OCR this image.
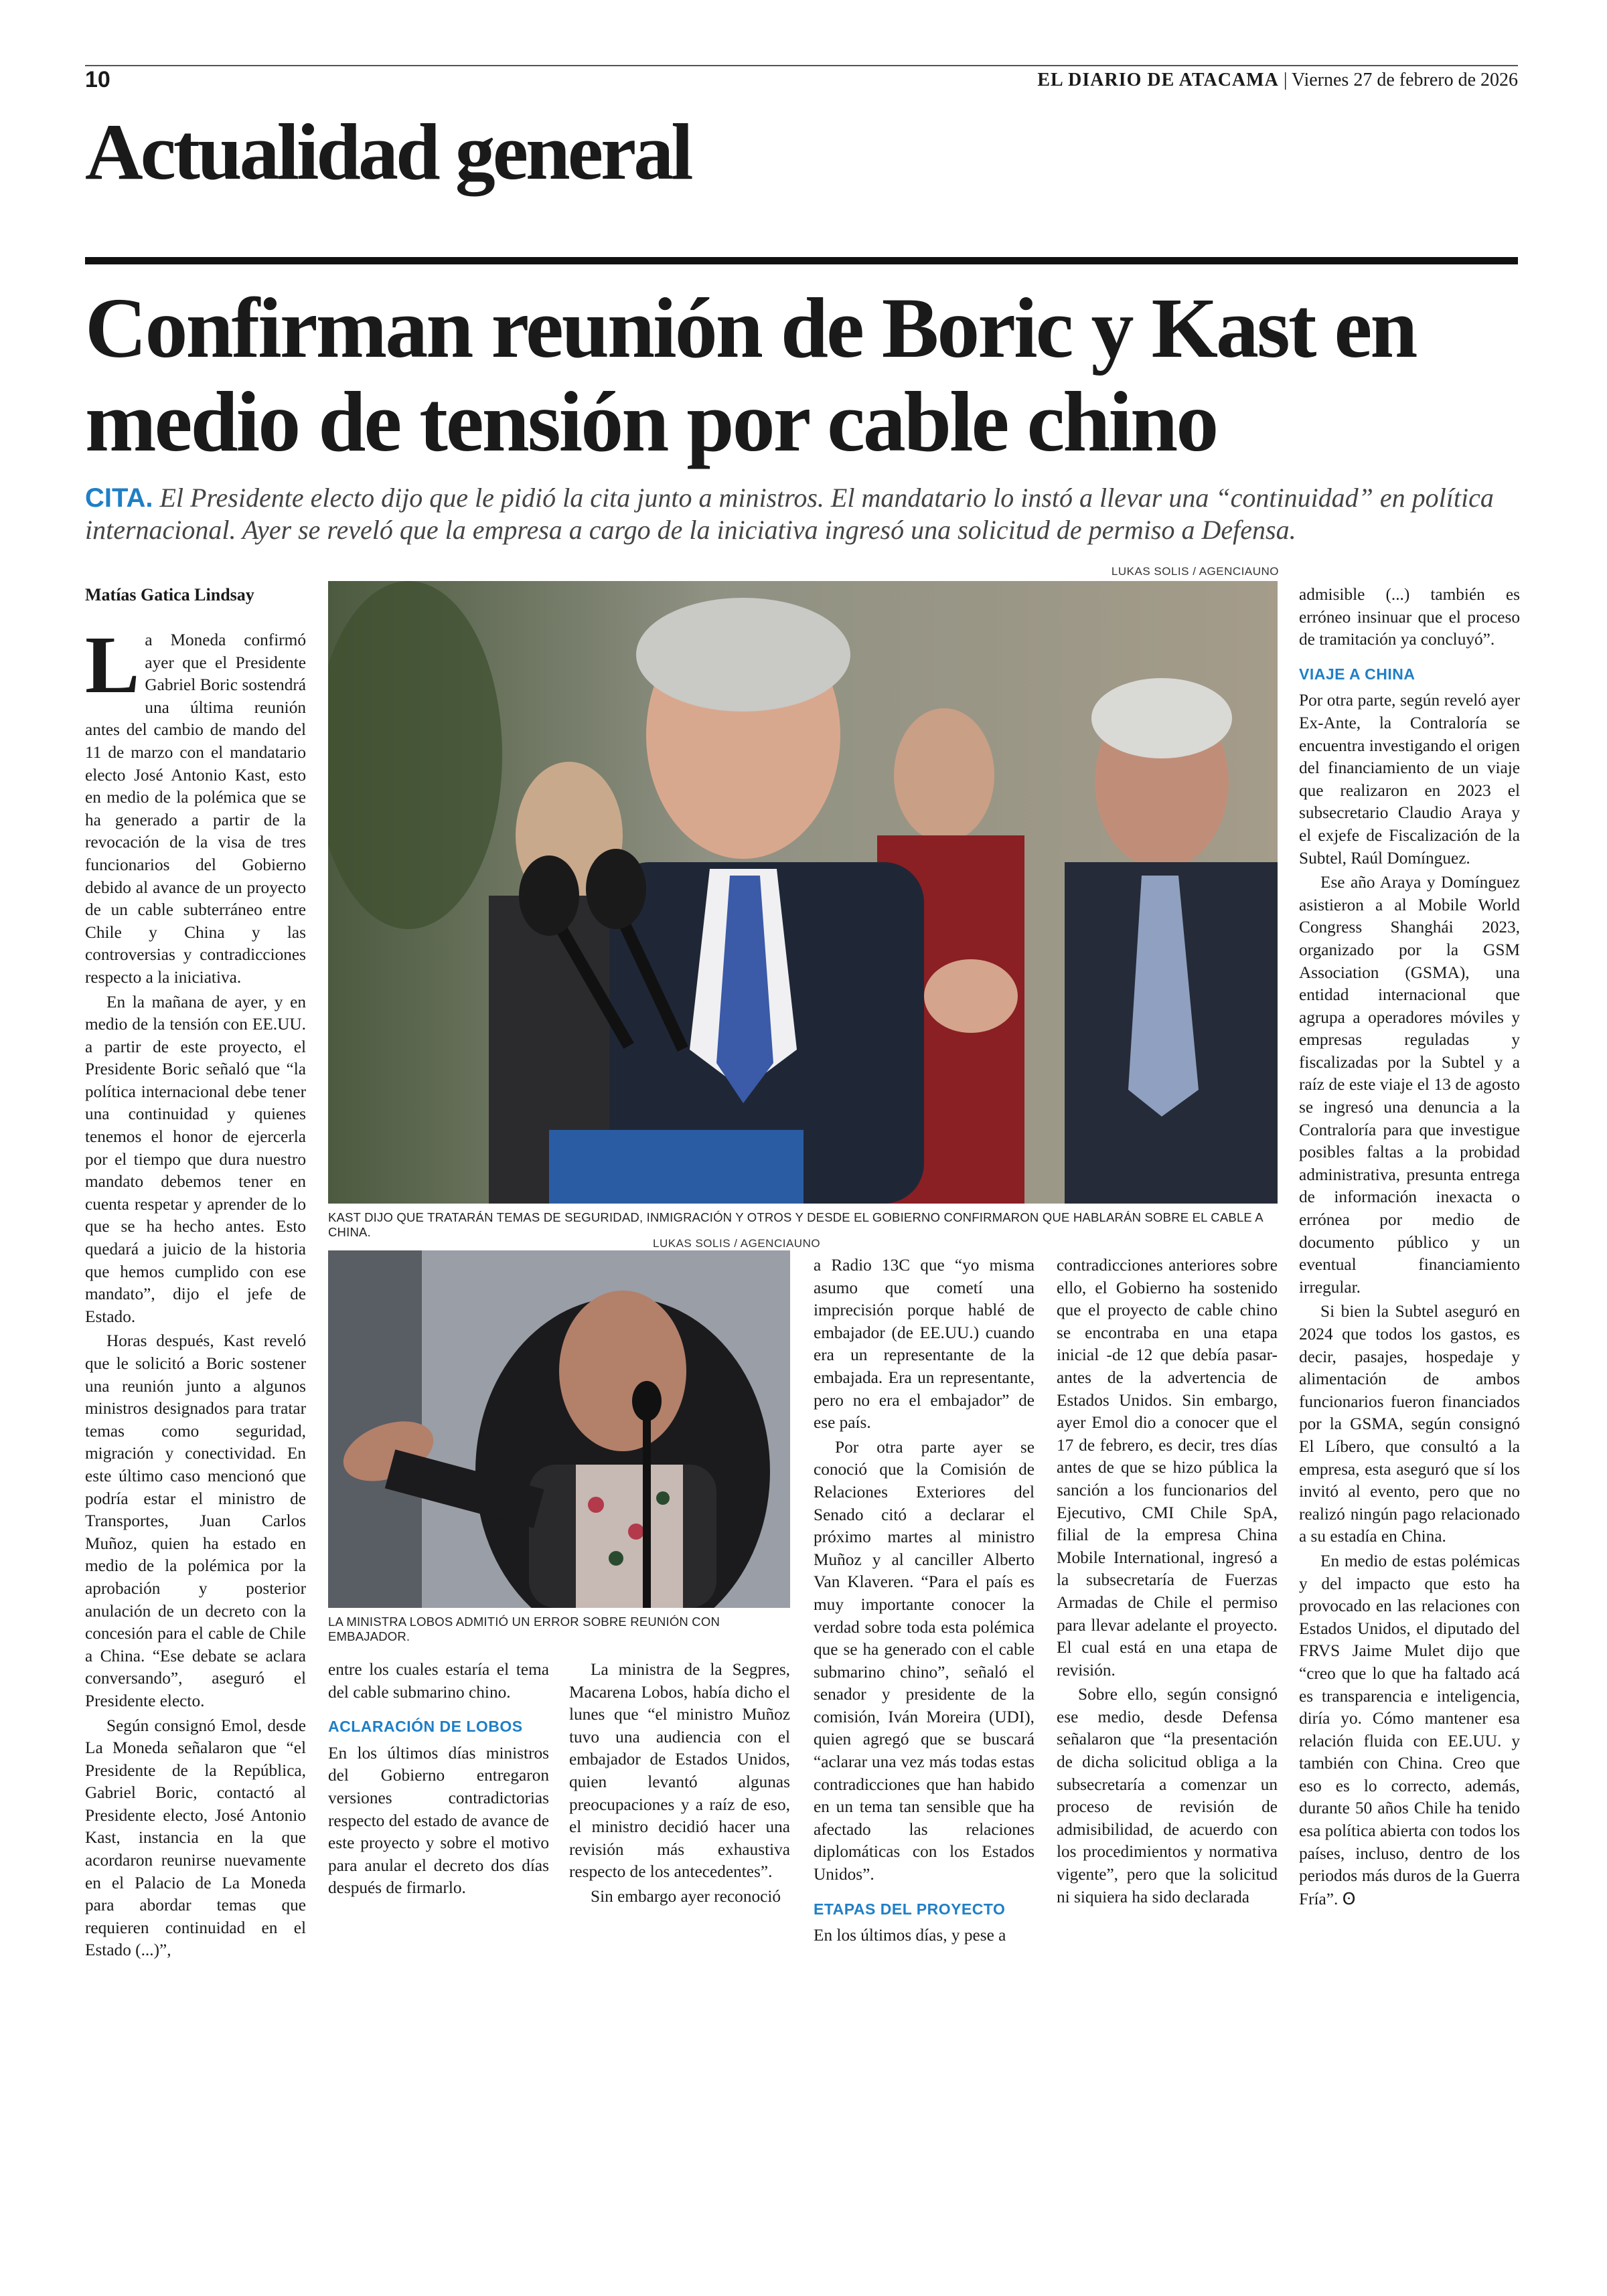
10	EL DIARIO DE ATACAMA | Viernes 27 de febrero de 2026
Actualidad general
Confirman reunión de Boric y Kast en medio de tensión por cable chino
CITA. El Presidente electo dijo que le pidió la cita junto a ministros. El mandatario lo instó a llevar una “continuidad” en política internacional. Ayer se reveló que la empresa a cargo de la iniciativa ingresó una solicitud de permiso a Defensa.
LUKAS SOLIS / AGENCIAUNO
Matías Gatica Lindsay

La Moneda confirmó ayer que el Presidente Gabriel Boric sostendrá una última reunión antes del cambio de mando del 11 de marzo con el mandatario electo José Antonio Kast, esto en medio de la polémica que se ha generado a partir de la revocación de la visa de tres funcionarios del Gobierno debido al avance de un proyecto de un cable subterráneo entre Chile y China y las controversias y contradicciones respecto a la iniciativa.

En la mañana de ayer, y en medio de la tensión con EE.UU. a partir de este proyecto, el Presidente Boric señaló que “la política internacional debe tener una continuidad y quienes tenemos el honor de ejercerla por el tiempo que dura nuestro mandato debemos tener en cuenta respetar y aprender de lo que se ha hecho antes. Esto quedará a juicio de la historia que hemos cumplido con ese mandato”, dijo el jefe de Estado.

Horas después, Kast reveló que le solicitó a Boric sostener una reunión junto a algunos ministros designados para tratar temas como seguridad, migración y conectividad. En este último caso mencionó que podría estar el ministro de Transportes, Juan Carlos Muñoz, quien ha estado en medio de la polémica por la aprobación y posterior anulación de un decreto con la concesión para el cable de Chile a China. “Ese debate se aclara conversando”, aseguró el Presidente electo.

Según consignó Emol, desde La Moneda señalaron que “el Presidente de la República, Gabriel Boric, contactó al Presidente electo, José Antonio Kast, instancia en la que acordaron reunirse nuevamente en el Palacio de La Moneda para abordar temas que requieren continuidad en el Estado (...)”,

KAST DIJO QUE TRATARÁN TEMAS DE SEGURIDAD, INMIGRACIÓN Y OTROS Y DESDE EL GOBIERNO CONFIRMARON QUE HABLARÁN SOBRE EL CABLE A CHINA.
LUKAS SOLIS / AGENCIAUNO
LA MINISTRA LOBOS ADMITIÓ UN ERROR SOBRE REUNIÓN CON EMBAJADOR.

entre los cuales estaría el tema del cable submarino chino.

ACLARACIÓN DE LOBOS

En los últimos días ministros del Gobierno entregaron versiones contradictorias respecto del estado de avance de este proyecto y sobre el motivo para anular el decreto dos días después de firmarlo.

La ministra de la Segpres, Macarena Lobos, había dicho el lunes que “el ministro Muñoz tuvo una audiencia con el embajador de Estados Unidos, quien levantó algunas preocupaciones y a raíz de eso, el ministro decidió hacer una revisión más exhaustiva respecto de los antecedentes”.

Sin embargo ayer reconoció

a Radio 13C que “yo misma asumo que cometí una imprecisión porque hablé de embajador (de EE.UU.) cuando era un representante de la embajada. Era un representante, pero no era el embajador” de ese país.

Por otra parte ayer se conoció que la Comisión de Relaciones Exteriores del Senado citó a declarar el próximo martes al ministro Muñoz y al canciller Alberto Van Klaveren. “Para el país es muy importante conocer la verdad sobre toda esta polémica que se ha generado con el cable submarino chino”, señaló el senador y presidente de la comisión, Iván Moreira (UDI), quien agregó que se buscará “aclarar una vez más todas estas contradicciones que han habido en un tema tan sensible que ha afectado las relaciones diplomáticas con los Estados Unidos”.

ETAPAS DEL PROYECTO

En los últimos días, y pese a

contradicciones anteriores sobre ello, el Gobierno ha sostenido que el proyecto de cable chino se encontraba en una etapa inicial -de 12 que debía pasar- antes de la advertencia de Estados Unidos. Sin embargo, ayer Emol dio a conocer que el 17 de febrero, es decir, tres días antes de que se hizo pública la sanción a los funcionarios del Ejecutivo, CMI Chile SpA, filial de la empresa China Mobile International, ingresó a la subsecretaría de Fuerzas Armadas de Chile el permiso para llevar adelante el proyecto. El cual está en una etapa de revisión.

Sobre ello, según consignó ese medio, desde Defensa señalaron que “la presentación de dicha solicitud obliga a la subsecretaría a comenzar un proceso de revisión de admisibilidad, de acuerdo con los procedimientos y normativa vigente”, pero que la solicitud ni siquiera ha sido declarada

admisible (...) también es erróneo insinuar que el proceso de tramitación ya concluyó”.

VIAJE A CHINA

Por otra parte, según reveló ayer Ex-Ante, la Contraloría se encuentra investigando el origen del financiamiento de un viaje que realizaron en 2023 el subsecretario Claudio Araya y el exjefe de Fiscalización de la Subtel, Raúl Domínguez.

Ese año Araya y Domínguez asistieron a al Mobile World Congress Shanghái 2023, organizado por la GSM Association (GSMA), una entidad internacional que agrupa a operadores móviles y empresas reguladas y fiscalizadas por la Subtel y a raíz de este viaje el 13 de agosto se ingresó una denuncia a la Contraloría para que investigue posibles faltas a la probidad administrativa, presunta entrega de información inexacta o errónea por medio de documento público y un eventual financiamiento irregular.

Si bien la Subtel aseguró en 2024 que todos los gastos, es decir, pasajes, hospedaje y alimentación de ambos funcionarios fueron financiados por la GSMA, según consignó El Líbero, que consultó a la empresa, esta aseguró que sí los invitó al evento, pero que no realizó ningún pago relacionado a su estadía en China.

En medio de estas polémicas y del impacto que esto ha provocado en las relaciones con Estados Unidos, el diputado del FRVS Jaime Mulet dijo que “creo que lo que ha faltado acá es transparencia e inteligencia, diría yo. Cómo mantener esa relación fluida con EE.UU. y también con China. Creo que eso es lo correcto, además, durante 50 años Chile ha tenido esa política abierta con todos los países, incluso, dentro de los periodos más duros de la Guerra Fría”. ʘ
